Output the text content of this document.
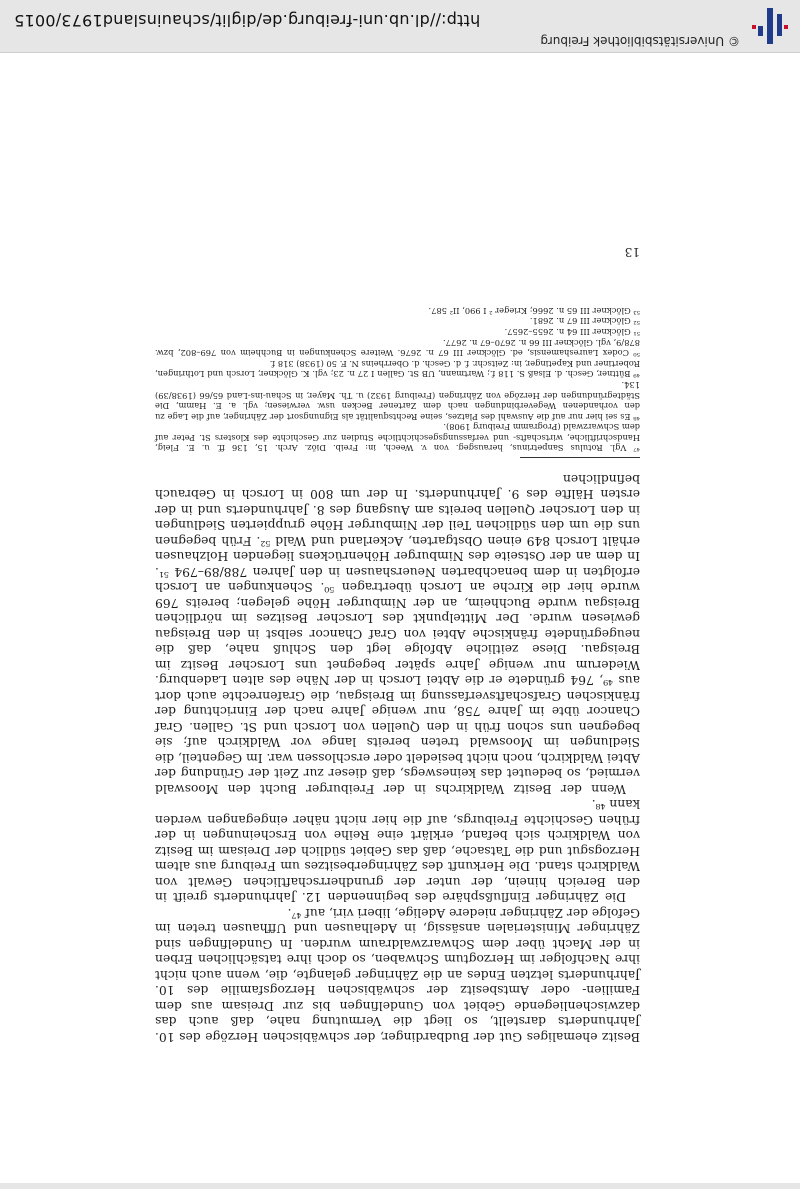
Besitz ehemaliges Gut der Budbardinger, der schwäbischen Herzöge des 10. Jahrhunderts darstellt, so liegt die Vermutung nahe, daß auch das dazwischenliegende Gebiet von Gundelfingen bis zur Dreisam aus dem Familien- oder Amtsbesitz der schwäbischen Herzogsfamilie des 10. Jahrhunderts letzten Endes an die Zähringer gelangte, die, wenn auch nicht ihre Nachfolger im Herzogtum Schwaben, so doch ihre tatsächlichen Erben in der Macht über dem Schwarzwaldraum wurden. In Gundelfingen sind Zähringer Ministerialen ansässig, in Adelhausen und Uffhausen treten im Gefolge der Zähringer niedere Adelige, liberi viri, auf ⁴⁷.

Die Zähringer Einflußsphäre des beginnenden 12. Jahrhunderts greift in den Bereich hinein, der unter der grundherrschaftlichen Gewalt von Waldkirch stand. Die Herkunft des Zähringerbesitzes um Freiburg aus altem Herzogsgut und die Tatsache, daß das Gebiet südlich der Dreisam im Besitz von Waldkirch sich befand, erklärt eine Reihe von Erscheinungen in der frühen Geschichte Freiburgs, auf die hier nicht näher eingegangen werden kann ⁴⁸.

Wenn der Besitz Waldkirchs in der Freiburger Bucht den Mooswald vermied, so bedeutet das keineswegs, daß dieser zur Zeit der Gründung der Abtei Waldkirch, noch nicht besiedelt oder erschlossen war. Im Gegenteil, die Siedlungen im Mooswald treten bereits lange vor Waldkirch auf; sie begegnen uns schon früh in den Quellen von Lorsch und St. Gallen. Graf Chancor übte im Jahre 758, nur wenige Jahre nach der Einrichtung der fränkischen Grafschaftsverfassung im Breisgau, die Grafenrechte auch dort aus ⁴⁹, 764 gründete er die Abtei Lorsch in der Nähe des alten Ladenburg. Wiederum nur wenige Jahre später begegnet uns Lorscher Besitz im Breisgau. Diese zeitliche Abfolge legt den Schluß nahe, daß die neugegründete fränkische Abtei von Graf Chancor selbst in den Breisgau gewiesen wurde. Der Mittelpunkt des Lorscher Besitzes im nördlichen Breisgau wurde Buchheim, an der Nimburger Höhe gelegen; bereits 769 wurde hier die Kirche an Lorsch übertragen ⁵⁰. Schenkungen an Lorsch erfolgten in dem benachbarten Neuershausen in den Jahren 788/89–794 ⁵¹. In dem an der Ostseite des Nimburger Höhenrückens liegenden Holzhausen erhält Lorsch 849 einen Obstgarten, Ackerland und Wald ⁵². Früh begegnen uns die um den südlichen Teil der Nimburger Höhe gruppierten Siedlungen in den Lorscher Quellen bereits am Ausgang des 8. Jahrhunderts und in der ersten Hälfte des 9. Jahrhunderts. In der um 800 in Lorsch in Gebrauch befindlichen

⁴⁷ Vgl. Rotulus Sanpetrinus, herausgeg. von v. Weech, in: Freib. Diöz. Arch. 15, 136 ff. u. E. Fleig, Handschriftliche, wirtschafts- und verfassungsgeschichtliche Studien zur Geschichte des Klosters St. Peter auf dem Schwarzwald (Programm Freiburg 1908).

⁴⁸ Es sei hier nur auf die Auswahl des Platzes, seine Rechtsqualität als Eignungsort der Zähringer, auf die Lage zu den vorhandenen Wegeverbindungen nach dem Zartener Becken usw. verwiesen; vgl. a. E. Hamm, Die Städtegründungen der Herzöge von Zähringen (Freiburg 1932) u. Th. Mayer, in Schau-ins-Land 65/66 (1938/39) 134.

⁴⁹ Büttner, Gesch. d. Elsaß S. 118 f.; Wartmann, UB St. Gallen I 27 n. 23; vgl. K. Glöckner, Lorsch und Lothringen, Robertiner und Kapetinger, in: Zeitschr. f. d. Gesch. d. Oberrheins N. F. 50 (1938) 318 f.

⁵⁰ Codex Laureshamensis, ed. Glöckner III 67 n. 2676. Weitere Schenkungen in Buchheim von 769–802, bzw. 878/9, vgl. Glöckner III 66 n. 2670–67 n. 2677.

⁵¹ Glöckner III 64 n. 2655–2657.

⁵² Glöckner III 67 n. 2681.

⁵³ Glöckner III 65 n. 2666; Krieger ² I 990, II² 587.

13
© Universitätsbibliothek Freiburg
http://dl.ub.uni-freiburg.de/diglit/schauinsland1973/0015
